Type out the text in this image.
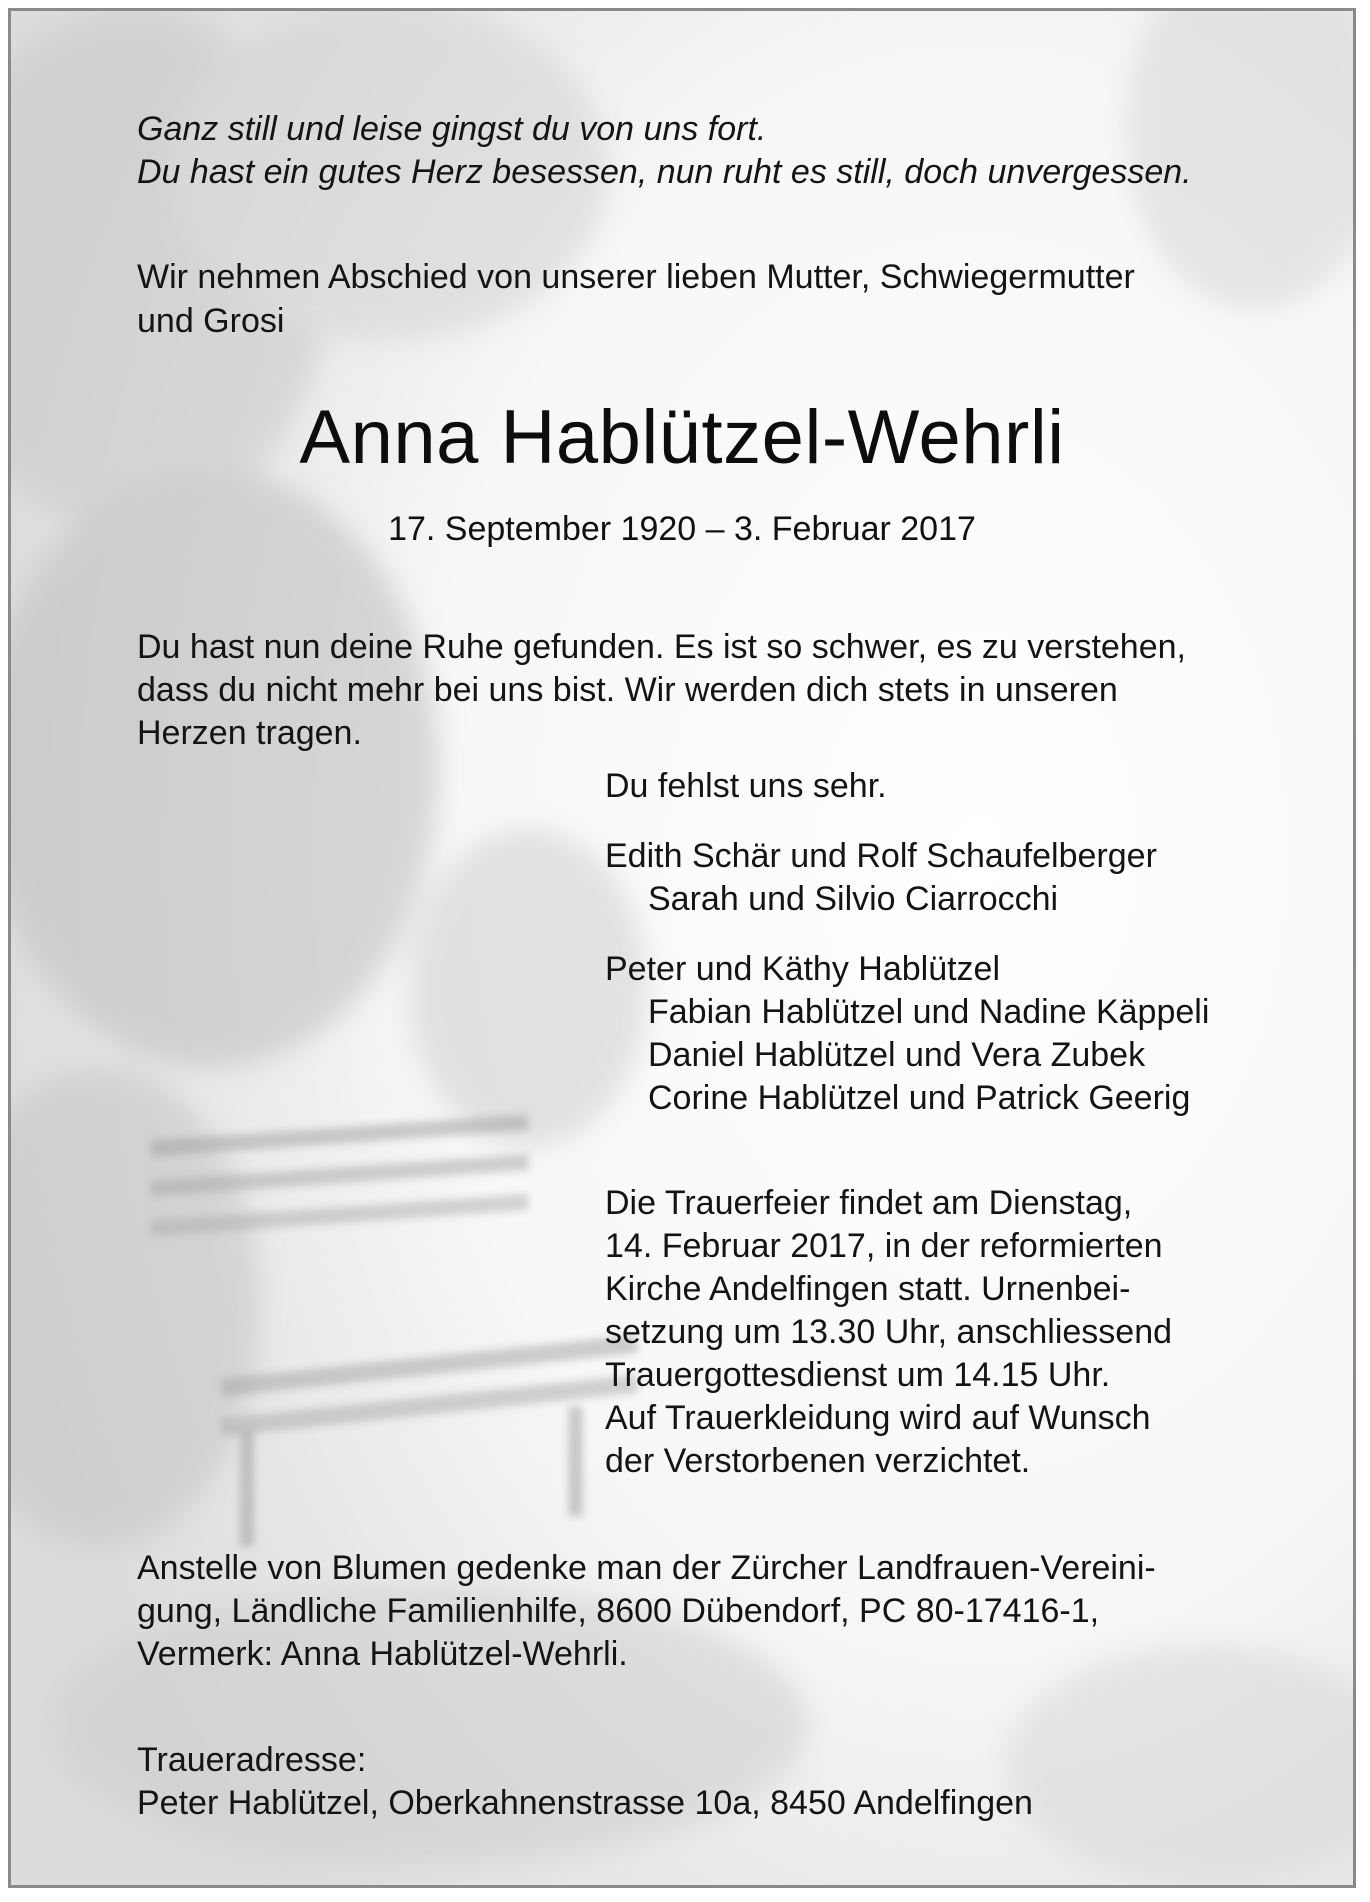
Ganz still und leise gingst du von uns fort.
Du hast ein gutes Herz besessen, nun ruht es still, doch unvergessen.
Wir nehmen Abschied von unserer lieben Mutter, Schwiegermutter
und Grosi
Anna Hablützel-Wehrli
17. September 1920 – 3. Februar 2017
Du hast nun deine Ruhe gefunden. Es ist so schwer, es zu verstehen,
dass du nicht mehr bei uns bist. Wir werden dich stets in unseren
Herzen tragen.
Du fehlst uns sehr.
Edith Schär und Rolf Schaufelberger
Sarah und Silvio Ciarrocchi
Peter und Käthy Hablützel
Fabian Hablützel und Nadine Käppeli
Daniel Hablützel und Vera Zubek
Corine Hablützel und Patrick Geerig
Die Trauerfeier findet am Dienstag,
14. Februar 2017, in der reformierten
Kirche Andelfingen statt. Urnenbei-
setzung um 13.30 Uhr, anschliessend
Trauergottesdienst um 14.15 Uhr.
Auf Trauerkleidung wird auf Wunsch
der Verstorbenen verzichtet.
Anstelle von Blumen gedenke man der Zürcher Landfrauen-Vereini-
gung, Ländliche Familienhilfe, 8600 Dübendorf, PC 80-17416-1,
Vermerk: Anna Hablützel-Wehrli.
Traueradresse:
Peter Hablützel, Oberkahnenstrasse 10a, 8450 Andelfingen
